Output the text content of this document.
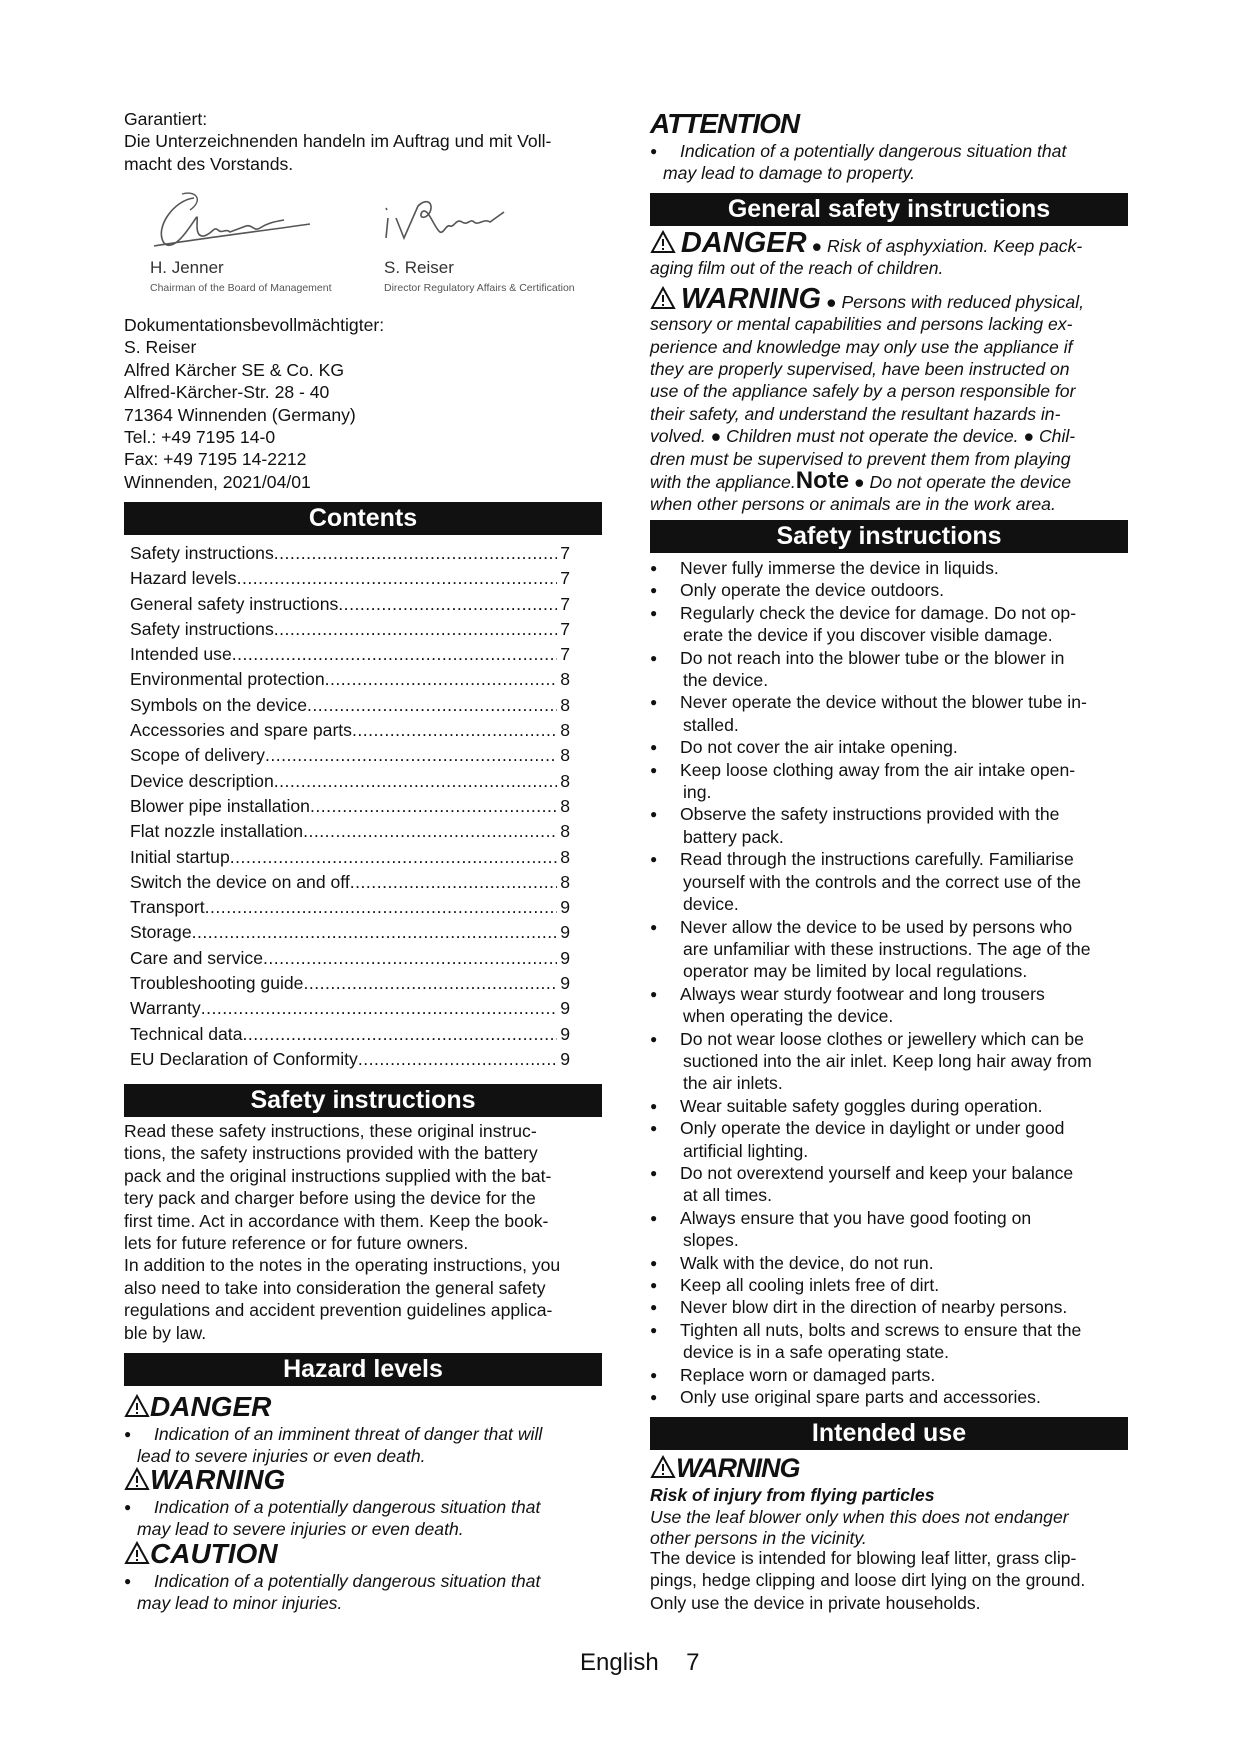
Garantiert:

Die Unterzeichnenden handeln im Auftrag und mit Voll-

macht des Vorstands.

H. Jenner
Chairman of the Board of Management
S. Reiser
Director Regulatory Affairs & Certification

Dokumentationsbevollmächtigter:

S. Reiser

Alfred Kärcher SE & Co. KG

Alfred-Kärcher-Str. 28 - 40

71364 Winnenden (Germany)

Tel.: +49 7195 14-0

Fax: +49 7195 14-2212

Winnenden, 2021/04/01

Contents
Safety instructions .....	7
Hazard levels .....	7
General safety instructions .....	7
Safety instructions .....	7
Intended use .....	7
Environmental protection .....	8
Symbols on the device .....	8
Accessories and spare parts .....	8
Scope of delivery .....	8
Device description .....	8
Blower pipe installation .....	8
Flat nozzle installation .....	8
Initial startup .....	8
Switch the device on and off .....	8
Transport .....	9
Storage .....	9
Care and service .....	9
Troubleshooting guide .....	9
Warranty .....	9
Technical data .....	9
EU Declaration of Conformity .....	9
Safety instructions

Read these safety instructions, these original instruc-

tions, the safety instructions provided with the battery

pack and the original instructions supplied with the bat-

tery pack and charger before using the device for the

first time. Act in accordance with them. Keep the book-

lets for future reference or for future owners.

In addition to the notes in the operating instructions, you

also need to take into consideration the general safety

regulations and accident prevention guidelines applica-

ble by law.

Hazard levels
DANGER
● Indication of an imminent threat of danger that will
lead to severe injuries or even death.
WARNING
● Indication of a potentially dangerous situation that
may lead to severe injuries or even death.
CAUTION
● Indication of a potentially dangerous situation that
may lead to minor injuries.
ATTENTION
● Indication of a potentially dangerous situation that
may lead to damage to property.
General safety instructions
DANGER ● Risk of asphyxiation. Keep pack-
aging film out of the reach of children.
WARNING ● Persons with reduced physical,
sensory or mental capabilities and persons lacking ex-
perience and knowledge may only use the appliance if
they are properly supervised, have been instructed on
use of the appliance safely by a person responsible for
their safety, and understand the resultant hazards in-
volved. ● Children must not operate the device. ● Chil-
dren must be supervised to prevent them from playing
with the appliance.Note ● Do not operate the device
when other persons or animals are in the work area.
Safety instructions
● Never fully immerse the device in liquids.
● Only operate the device outdoors.
● Regularly check the device for damage. Do not op-
erate the device if you discover visible damage.
● Do not reach into the blower tube or the blower in
the device.
● Never operate the device without the blower tube in-
stalled.
● Do not cover the air intake opening.
● Keep loose clothing away from the air intake open-
ing.
● Observe the safety instructions provided with the
battery pack.
● Read through the instructions carefully. Familiarise
yourself with the controls and the correct use of the
device.
● Never allow the device to be used by persons who
are unfamiliar with these instructions. The age of the
operator may be limited by local regulations.
● Always wear sturdy footwear and long trousers
when operating the device.
● Do not wear loose clothes or jewellery which can be
suctioned into the air inlet. Keep long hair away from
the air inlets.
● Wear suitable safety goggles during operation.
● Only operate the device in daylight or under good
artificial lighting.
● Do not overextend yourself and keep your balance
at all times.
● Always ensure that you have good footing on
slopes.
● Walk with the device, do not run.
● Keep all cooling inlets free of dirt.
● Never blow dirt in the direction of nearby persons.
● Tighten all nuts, bolts and screws to ensure that the
device is in a safe operating state.
● Replace worn or damaged parts.
● Only use original spare parts and accessories.
Intended use
WARNING
Risk of injury from flying particles
Use the leaf blower only when this does not endanger
other persons in the vicinity.
The device is intended for blowing leaf litter, grass clip-
pings, hedge clipping and loose dirt lying on the ground.
Only use the device in private households.
English 7
